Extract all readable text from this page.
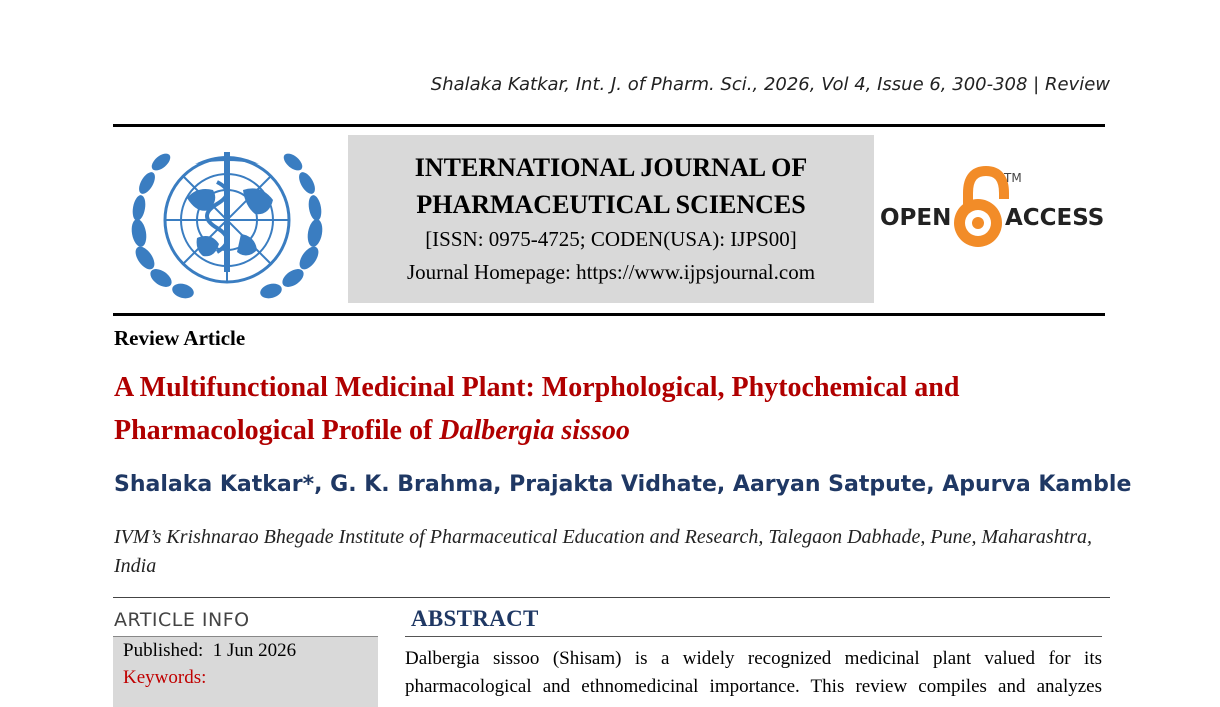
Shalaka Katkar, Int. J. of Pharm. Sci., 2026, Vol 4, Issue 6, 300-308 | Review
INTERNATIONAL JOURNAL OF
PHARMACEUTICAL SCIENCES
[ISSN: 0975-4725; CODEN(USA): IJPS00]
Journal Homepage: https://www.ijpsjournal.com
OPEN ACCESS
TM
Review Article
A Multifunctional Medicinal Plant: Morphological, Phytochemical and Pharmacological Profile of Dalbergia sissoo
Shalaka Katkar*, G. K. Brahma, Prajakta Vidhate, Aaryan Satpute, Apurva Kamble
IVM’s Krishnarao Bhegade Institute of Pharmaceutical Education and Research, Talegaon Dabhade, Pune, Maharashtra, India
ARTICLE INFO
Published: 1 Jun 2026
Keywords:
ABSTRACT
Dalbergia sissoo (Shisam) is a widely recognized medicinal plant valued for its
pharmacological and ethnomedicinal importance. This review compiles and analyzes
